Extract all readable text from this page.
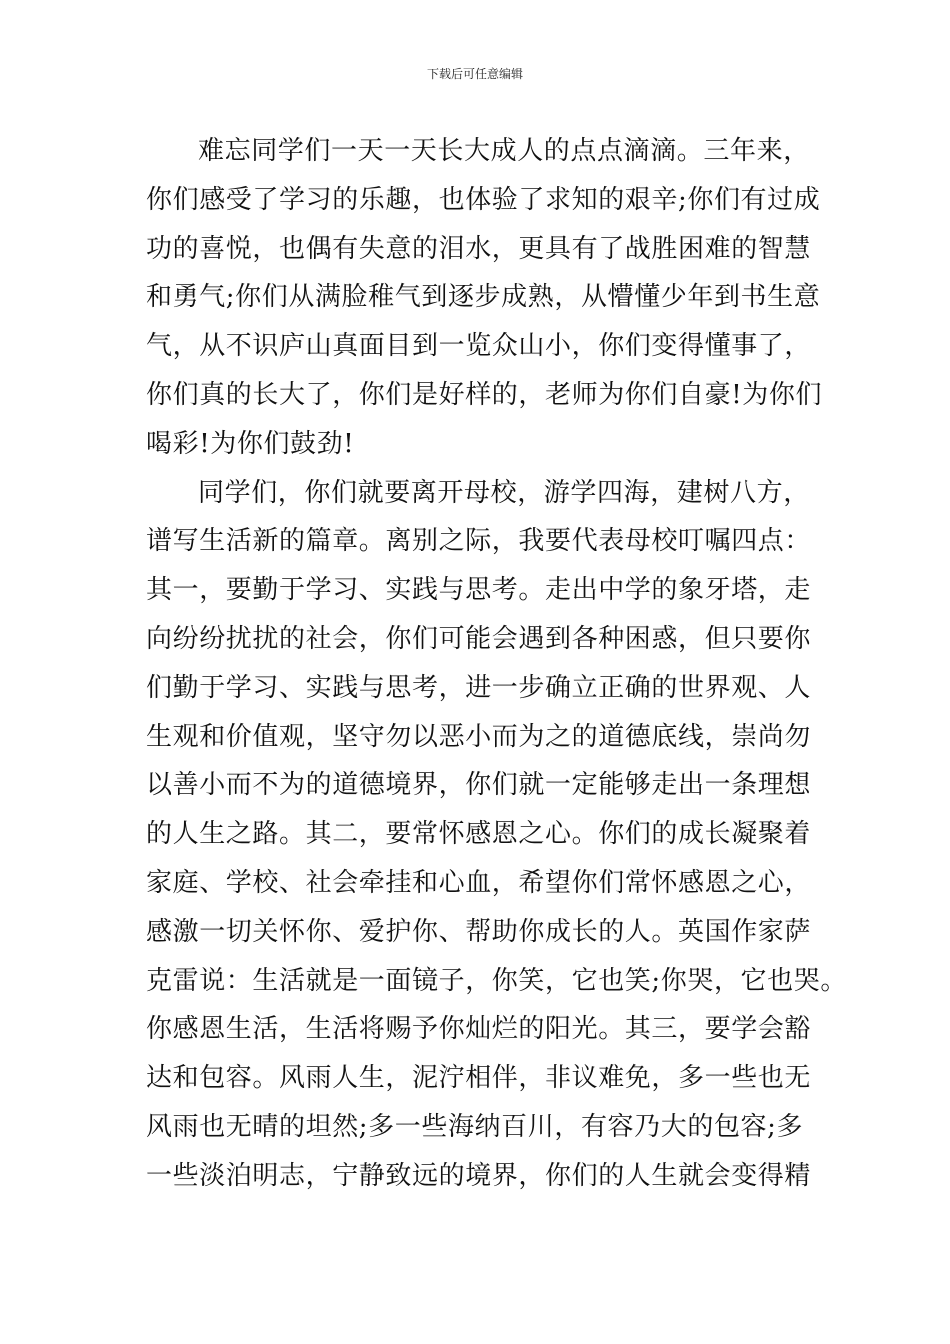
下载后可任意编辑
难忘同学们一天一天长大成人的点点滴滴。三年来，
你们感受了学习的乐趣，也体验了求知的艰辛;你们有过成
功的喜悦，也偶有失意的泪水，更具有了战胜困难的智慧
和勇气;你们从满脸稚气到逐步成熟，从懵懂少年到书生意
气，从不识庐山真面目到一览众山小，你们变得懂事了，
你们真的长大了，你们是好样的，老师为你们自豪!为你们
喝彩!为你们鼓劲!
同学们，你们就要离开母校，游学四海，建树八方，
谱写生活新的篇章。离别之际，我要代表母校叮嘱四点：
其一，要勤于学习、实践与思考。走出中学的象牙塔，走
向纷纷扰扰的社会，你们可能会遇到各种困惑，但只要你
们勤于学习、实践与思考，进一步确立正确的世界观、人
生观和价值观，坚守勿以恶小而为之的道德底线，崇尚勿
以善小而不为的道德境界，你们就一定能够走出一条理想
的人生之路。其二，要常怀感恩之心。你们的成长凝聚着
家庭、学校、社会牵挂和心血，希望你们常怀感恩之心，
感激一切关怀你、爱护你、帮助你成长的人。英国作家萨
克雷说：生活就是一面镜子，你笑，它也笑;你哭，它也哭。
你感恩生活，生活将赐予你灿烂的阳光。其三，要学会豁
达和包容。风雨人生，泥泞相伴，非议难免，多一些也无
风雨也无晴的坦然;多一些海纳百川，有容乃大的包容;多
一些淡泊明志，宁静致远的境界，你们的人生就会变得精
